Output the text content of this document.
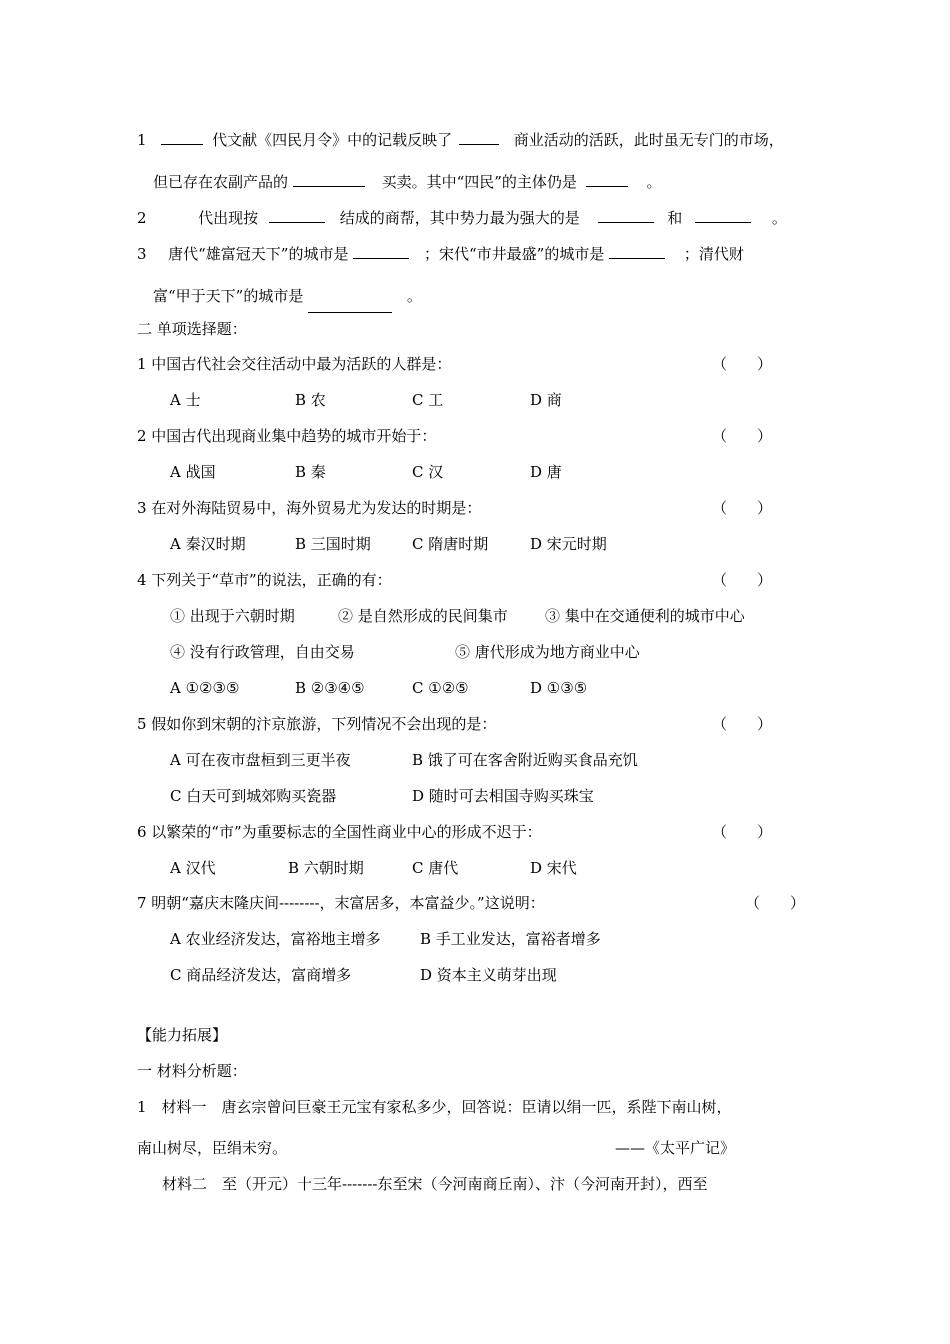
1	代文献《四民月令》中的记载反映了	商业活动的活跃，此时虽无专门的市场，
但已存在农副产品的	买卖。其中“四民”的主体仍是	。
2	代出现按	结成的商帮，其中势力最为强大的是	和	。
3 唐代“雄富冠天下”的城市是	；宋代“市井最盛”的城市是	；清代财
富“甲于天下”的城市是	。
二 单项选择题：
1 中国古代社会交往活动中最为活跃的人群是：	（　　）
A 士	B 农	C 工	D 商
2 中国古代出现商业集中趋势的城市开始于：	（　　）
A 战国	B 秦	C 汉	D 唐
3 在对外海陆贸易中，海外贸易尤为发达的时期是：	（　　）
A 秦汉时期	B 三国时期	C 隋唐时期	D 宋元时期
4 下列关于“草市”的说法，正确的有：	（　　）
① 出现于六朝时期	② 是自然形成的民间集市 ③ 集中在交通便利的城市中心
④ 没有行政管理，自由交易	⑤ 唐代形成为地方商业中心
A ①②③⑤	B ②③④⑤	C ①②⑤	D ①③⑤
5 假如你到宋朝的汴京旅游，下列情况不会出现的是：	（　　）
A 可在夜市盘桓到三更半夜	B 饿了可在客舍附近购买食品充饥
C 白天可到城郊购买瓷器	D 随时可去相国寺购买珠宝
6 以繁荣的“市”为重要标志的全国性商业中心的形成不迟于：	（　　）
A 汉代	B 六朝时期	C 唐代	D 宋代
7 明朝“嘉庆末隆庆间--------，末富居多，本富益少。”这说明：	（　　）
A 农业经济发达，富裕地主增多	B 手工业发达，富裕者增多
C 商品经济发达，富商增多	D 资本主义萌芽出现
【能力拓展】
一 材料分析题：
1　材料一　唐玄宗曾问巨豪王元宝有家私多少，回答说：臣请以绢一匹，系陛下南山树，
南山树尽，臣绢未穷。	——《太平广记》
材料二　至（开元）十三年-------东至宋（今河南商丘南）、汴（今河南开封），西至
